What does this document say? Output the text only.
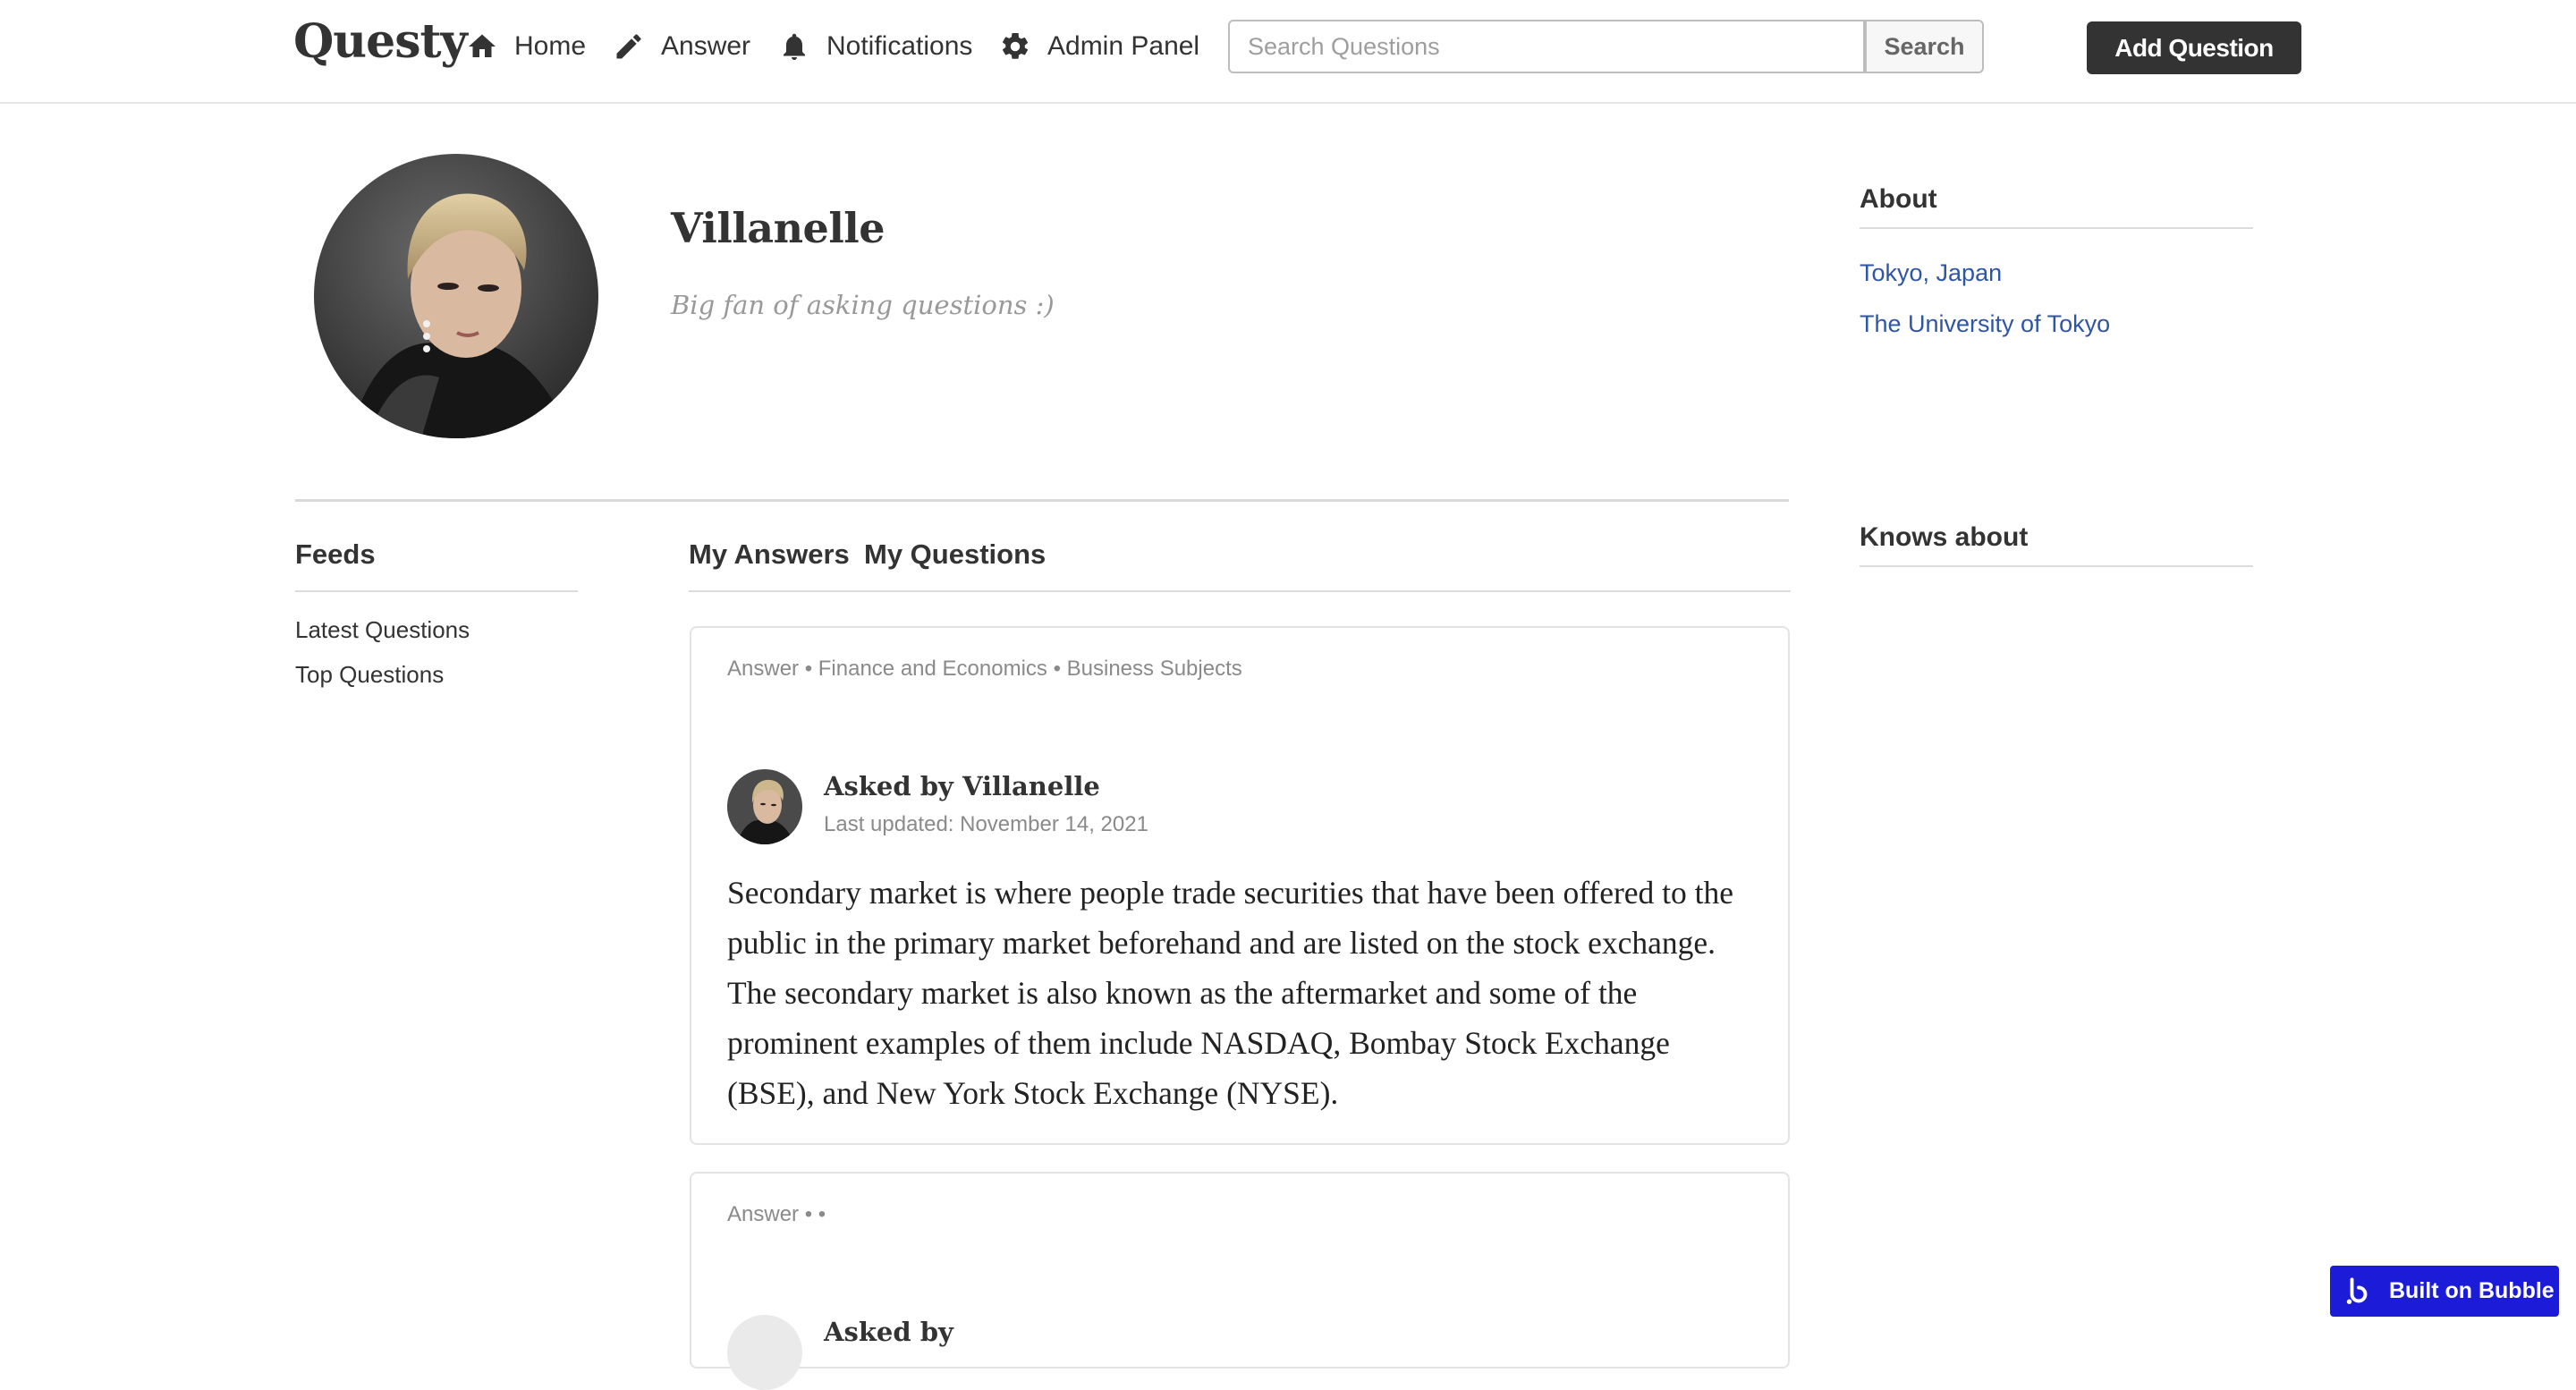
Questy Home	Answer	Notifications	Admin Panel
Search Questions	Search	Add Question
Villanelle
Big fan of asking questions :)
About
Tokyo, Japan
The University of Tokyo
Knows about
Feeds
Latest Questions
Top Questions
My Answers My Questions
Answer • Finance and Economics • Business Subjects
Asked by Villanelle
Last updated: November 14, 2021
Secondary market is where people trade securities that have been offered to the public in the primary market beforehand and are listed on the stock exchange. The secondary market is also known as the aftermarket and some of the prominent examples of them include NASDAQ, Bombay Stock Exchange (BSE), and New York Stock Exchange (NYSE).
Answer • •
Asked by
Built on Bubble
